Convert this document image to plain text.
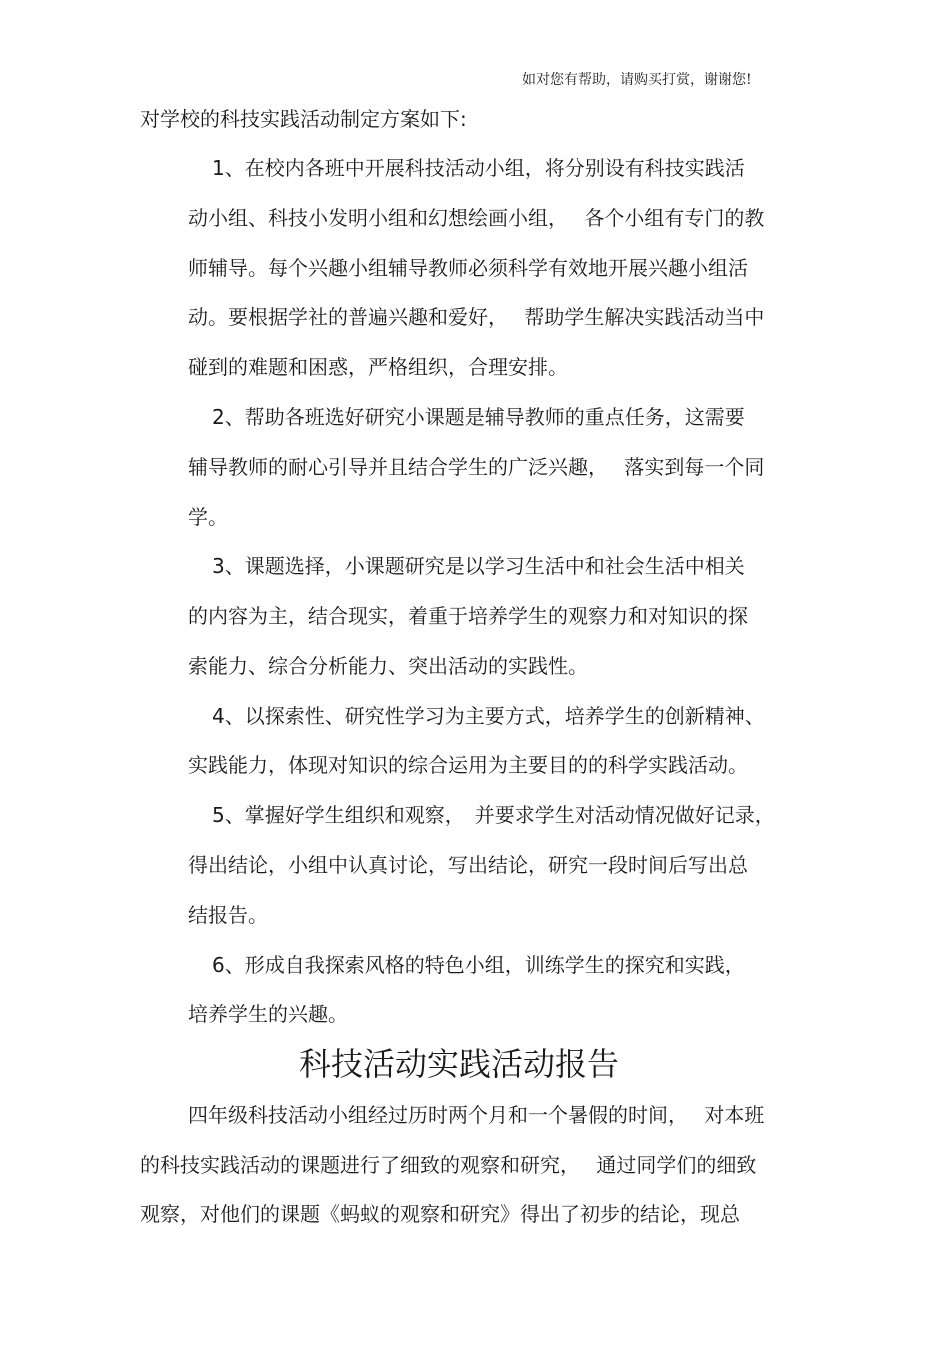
如对您有帮助，请购买打赏，谢谢您!
对学校的科技实践活动制定方案如下:
1、在校内各班中开展科技活动小组，将分别设有科技实践活
动小组、科技小发明小组和幻想绘画小组，　 各个小组有专门的教
师辅导。每个兴趣小组辅导教师必须科学有效地开展兴趣小组活
动。要根据学社的普遍兴趣和爱好，　 帮助学生解决实践活动当中
碰到的难题和困惑，严格组织，合理安排。
2、帮助各班选好研究小课题是辅导教师的重点任务，这需要
辅导教师的耐心引导并且结合学生的广泛兴趣，　 落实到每一个同
学。
3、课题选择，小课题研究是以学习生活中和社会生活中相关
的内容为主，结合现实，着重于培养学生的观察力和对知识的探
索能力、综合分析能力、突出活动的实践性。
4、以探索性、研究性学习为主要方式，培养学生的创新精神、
实践能力，体现对知识的综合运用为主要目的的科学实践活动。
5、掌握好学生组织和观察，　并要求学生对活动情况做好记录，
得出结论，小组中认真讨论，写出结论，研究一段时间后写出总
结报告。
6、形成自我探索风格的特色小组，训练学生的探究和实践，
培养学生的兴趣。
科技活动实践活动报告
四年级科技活动小组经过历时两个月和一个暑假的时间，　 对本班
的科技实践活动的课题进行了细致的观察和研究，　 通过同学们的细致
观察，对他们的课题《蚂蚁的观察和研究》得出了初步的结论，现总
